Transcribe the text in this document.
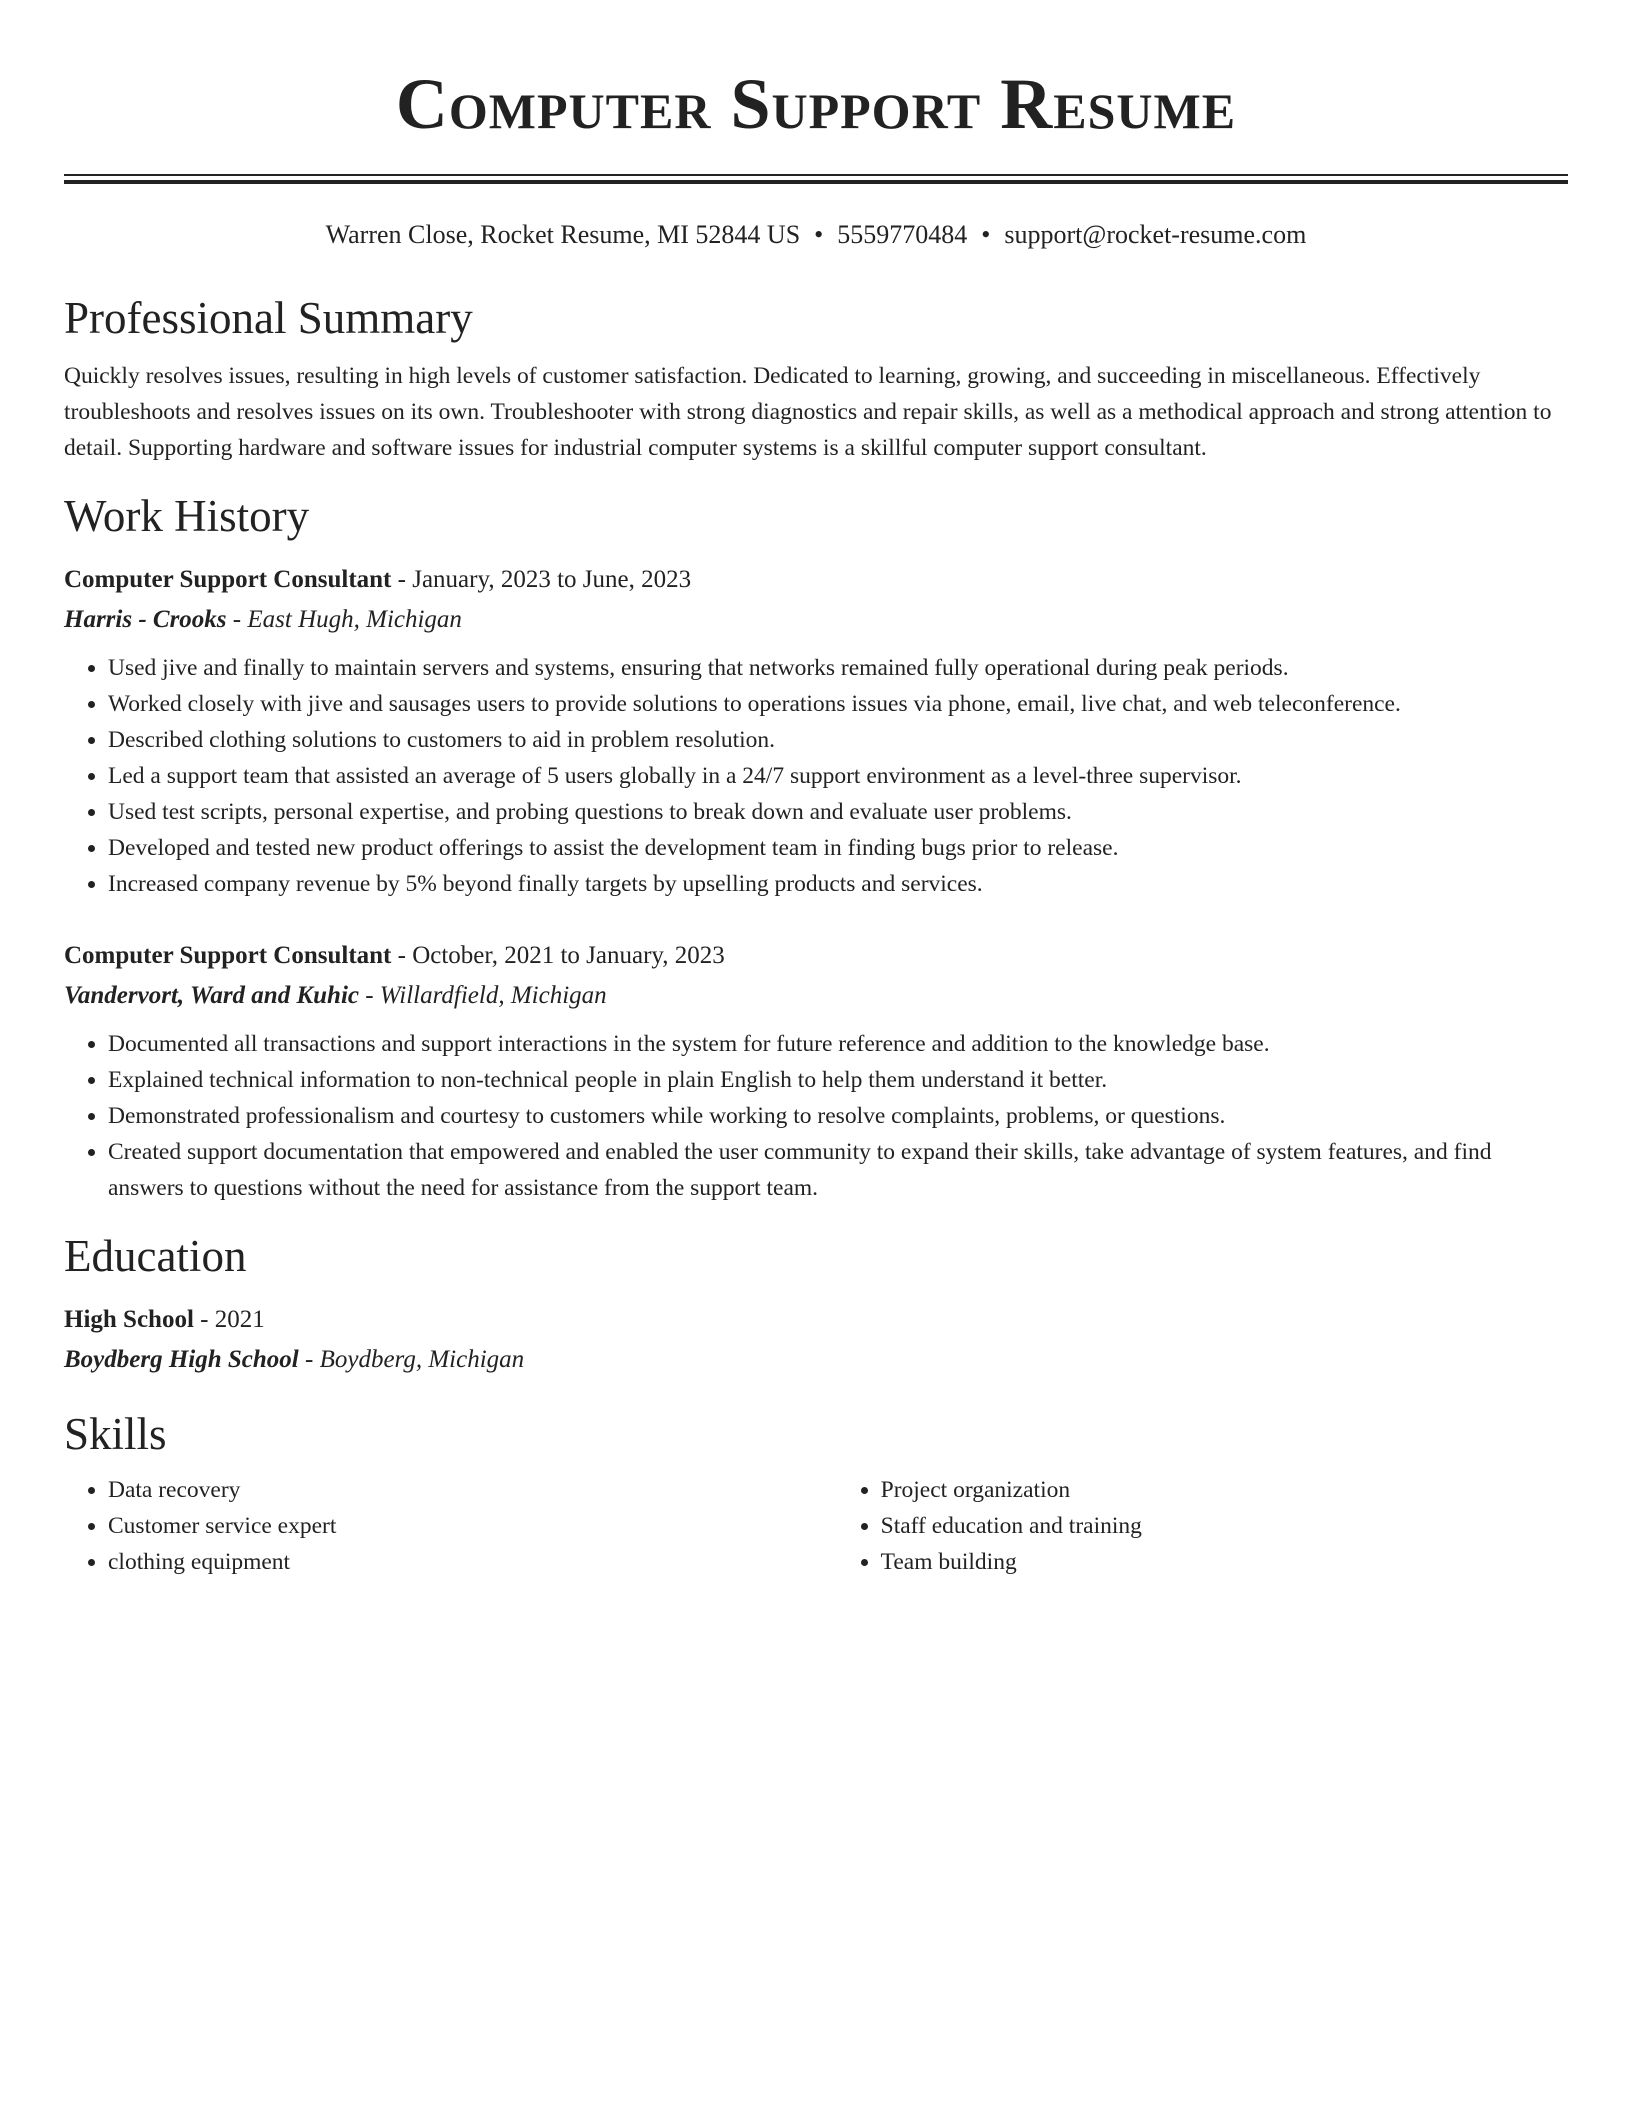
Computer Support Resume
Warren Close, Rocket Resume, MI 52844 US • 5559770484 • support@rocket-resume.com
Professional Summary
Quickly resolves issues, resulting in high levels of customer satisfaction. Dedicated to learning, growing, and succeeding in miscellaneous. Effectively troubleshoots and resolves issues on its own. Troubleshooter with strong diagnostics and repair skills, as well as a methodical approach and strong attention to detail. Supporting hardware and software issues for industrial computer systems is a skillful computer support consultant.
Work History
Computer Support Consultant - January, 2023 to June, 2023
Harris - Crooks - East Hugh, Michigan
• Used jive and finally to maintain servers and systems, ensuring that networks remained fully operational during peak periods.
• Worked closely with jive and sausages users to provide solutions to operations issues via phone, email, live chat, and web teleconference.
• Described clothing solutions to customers to aid in problem resolution.
• Led a support team that assisted an average of 5 users globally in a 24/7 support environment as a level-three supervisor.
• Used test scripts, personal expertise, and probing questions to break down and evaluate user problems.
• Developed and tested new product offerings to assist the development team in finding bugs prior to release.
• Increased company revenue by 5% beyond finally targets by upselling products and services.
Computer Support Consultant - October, 2021 to January, 2023
Vandervort, Ward and Kuhic - Willardfield, Michigan
• Documented all transactions and support interactions in the system for future reference and addition to the knowledge base.
• Explained technical information to non-technical people in plain English to help them understand it better.
• Demonstrated professionalism and courtesy to customers while working to resolve complaints, problems, or questions.
• Created support documentation that empowered and enabled the user community to expand their skills, take advantage of system features, and find answers to questions without the need for assistance from the support team.
Education
High School - 2021
Boydberg High School - Boydberg, Michigan
Skills
• Data recovery
• Customer service expert
• clothing equipment
• Project organization
• Staff education and training
• Team building
